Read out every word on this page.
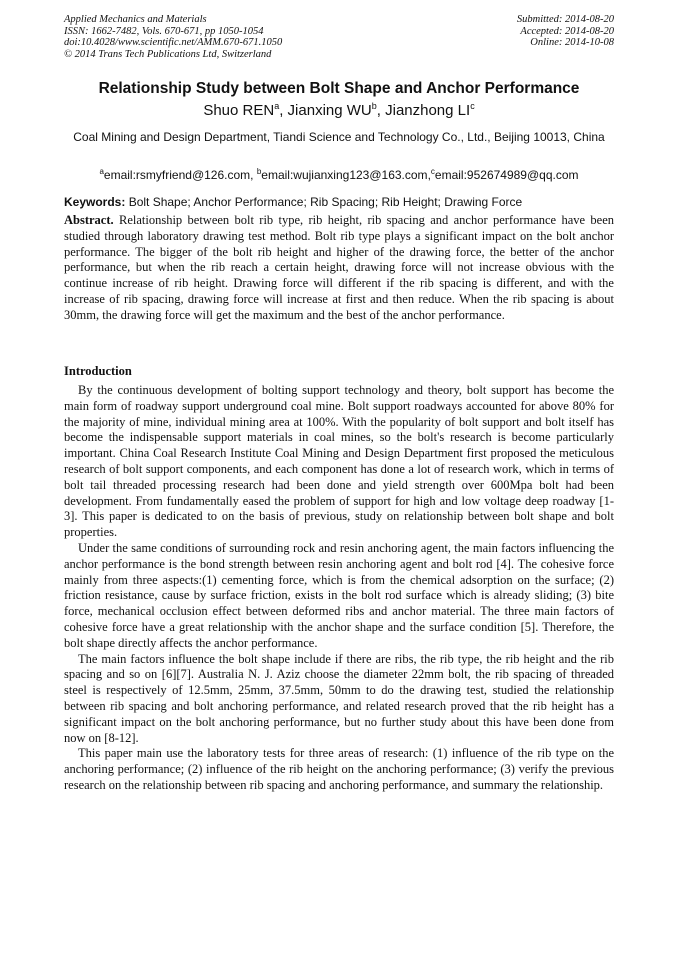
Applied Mechanics and Materials
ISSN: 1662-7482, Vols. 670-671, pp 1050-1054
doi:10.4028/www.scientific.net/AMM.670-671.1050
© 2014 Trans Tech Publications Ltd, Switzerland
Submitted: 2014-08-20
Accepted: 2014-08-20
Online: 2014-10-08
Relationship Study between Bolt Shape and Anchor Performance
Shuo REN$^a$, Jianxing $WU^b$, Jianzhong $LI^c$
Coal Mining and Design Department, Tiandi Science and Technology Co., Ltd., Beijing 10013, China
$^a$email:rsmyfriend@126.com, $^b$email:wujianxing123@163.com,$^c$email:952674989@qq.com
Keywords: Bolt Shape; Anchor Performance; Rib Spacing; Rib Height; Drawing Force
Abstract. Relationship between bolt rib type, rib height, rib spacing and anchor performance have been studied through laboratory drawing test method. Bolt rib type plays a significant impact on the bolt anchor performance. The bigger of the bolt rib height and higher of the drawing force, the better of the anchor performance, but when the rib reach a certain height, drawing force will not increase obvious with the continue increase of rib height. Drawing force will different if the rib spacing is different, and with the increase of rib spacing, drawing force will increase at first and then reduce. When the rib spacing is about 30mm, the drawing force will get the maximum and the best of the anchor performance.
Introduction

By the continuous development of bolting support technology and theory, bolt support has become the main form of roadway support underground coal mine. Bolt support roadways accounted for above 80% for the majority of mine, individual mining area at 100%. With the popularity of bolt support and bolt itself has become the indispensable support materials in coal mines, so the bolt's research is become particularly important. China Coal Research Institute Coal Mining and Design Department first proposed the meticulous research of bolt support components, and each component has done a lot of research work, which in terms of bolt tail threaded processing research had been done and yield strength over 600Mpa bolt had been development. From fundamentally eased the problem of support for high and low voltage deep roadway [1-3]. This paper is dedicated to on the basis of previous, study on relationship between bolt shape and bolt properties.

Under the same conditions of surrounding rock and resin anchoring agent, the main factors influencing the anchor performance is the bond strength between resin anchoring agent and bolt rod [4]. The cohesive force mainly from three aspects:(1) cementing force, which is from the chemical adsorption on the surface; (2) friction resistance, cause by surface friction, exists in the bolt rod surface which is already sliding; (3) bite force, mechanical occlusion effect between deformed ribs and anchor material. The three main factors of cohesive force have a great relationship with the anchor shape and the surface condition [5]. Therefore, the bolt shape directly affects the anchor performance.

The main factors influence the bolt shape include if there are ribs, the rib type, the rib height and the rib spacing and so on [6][7]. Australia N. J. Aziz choose the diameter 22mm bolt, the rib spacing of threaded steel is respectively of 12.5mm, 25mm, 37.5mm, 50mm to do the drawing test, studied the relationship between rib spacing and bolt anchoring performance, and related research proved that the rib height has a significant impact on the bolt anchoring performance, but no further study about this have been done from now on [8-12].

This paper main use the laboratory tests for three areas of research: (1) influence of the rib type on the anchoring performance; (2) influence of the rib height on the anchoring performance; (3) verify the previous research on the relationship between rib spacing and anchoring performance, and summary the relationship.
